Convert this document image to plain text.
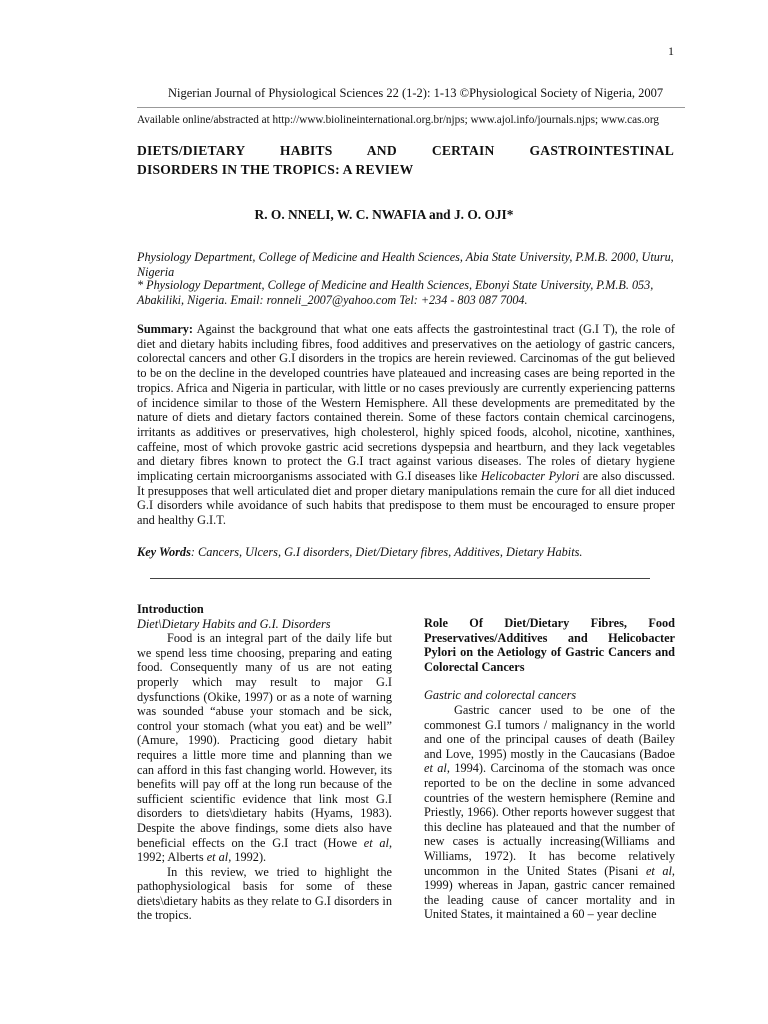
1
Nigerian Journal of Physiological Sciences 22 (1-2): 1-13 ©Physiological Society of Nigeria, 2007
Available online/abstracted at http://www.biolineinternational.org.br/njps; www.ajol.info/journals.njps; www.cas.org
DIETS/DIETARY HABITS AND CERTAIN GASTROINTESTINAL
DISORDERS IN THE TROPICS: A REVIEW
R. O. NNELI, W. C. NWAFIA and J. O. OJI*
Physiology Department, College of Medicine and Health Sciences, Abia State University, P.M.B. 2000, Uturu, Nigeria
* Physiology Department, College of Medicine and Health Sciences, Ebonyi State University, P.M.B. 053, Abakiliki, Nigeria. Email: ronneli_2007@yahoo.com Tel: +234 - 803 087 7004.
Summary: Against the background that what one eats affects the gastrointestinal tract (G.I T), the role of diet and dietary habits including fibres, food additives and preservatives on the aetiology of gastric cancers, colorectal cancers and other G.I disorders in the tropics are herein reviewed. Carcinomas of the gut believed to be on the decline in the developed countries have plateaued and increasing cases are being reported in the tropics. Africa and Nigeria in particular, with little or no cases previously are currently experiencing patterns of incidence similar to those of the Western Hemisphere. All these developments are premeditated by the nature of diets and dietary factors contained therein. Some of these factors contain chemical carcinogens, irritants as additives or preservatives, high cholesterol, highly spiced foods, alcohol, nicotine, xanthines, caffeine, most of which provoke gastric acid secretions dyspepsia and heartburn, and they lack vegetables and dietary fibres known to protect the G.I tract against various diseases. The roles of dietary hygiene implicating certain microorganisms associated with G.I diseases like Helicobacter Pylori are also discussed. It presupposes that well articulated diet and proper dietary manipulations remain the cure for all diet induced G.I disorders while avoidance of such habits that predispose to them must be encouraged to ensure proper and healthy G.I.T.
Key Words: Cancers, Ulcers, G.I disorders, Diet/Dietary fibres, Additives, Dietary Habits.
Introduction
Diet\Dietary Habits and G.I. Disorders

Food is an integral part of the daily life but we spend less time choosing, preparing and eating food. Consequently many of us are not eating properly which may result to major G.I dysfunctions (Okike, 1997) or as a note of warning was sounded “abuse your stomach and be sick, control your stomach (what you eat) and be well” (Amure, 1990). Practicing good dietary habit requires a little more time and planning than we can afford in this fast changing world. However, its benefits will pay off at the long run because of the sufficient scientific evidence that link most G.I disorders to diets\dietary habits (Hyams, 1983). Despite the above findings, some diets also have beneficial effects on the G.I tract (Howe et al, 1992; Alberts et al, 1992).

In this review, we tried to highlight the pathophysiological basis for some of these diets\dietary habits as they relate to G.I disorders in the tropics.

Role Of Diet/Dietary Fibres, Food Preservatives/Additives and Helicobacter Pylori on the Aetiology of Gastric Cancers and Colorectal Cancers
Gastric and colorectal cancers

Gastric cancer used to be one of the commonest G.I tumors / malignancy in the world and one of the principal causes of death (Bailey and Love, 1995) mostly in the Caucasians (Badoe et al, 1994). Carcinoma of the stomach was once reported to be on the decline in some advanced countries of the western hemisphere (Remine and Priestly, 1966). Other reports however suggest that this decline has plateaued and that the number of new cases is actually increasing(Williams and Williams, 1972). It has become relatively uncommon in the United States (Pisani et al, 1999) whereas in Japan, gastric cancer remained the leading cause of cancer mortality and in United States, it maintained a 60 – year decline
